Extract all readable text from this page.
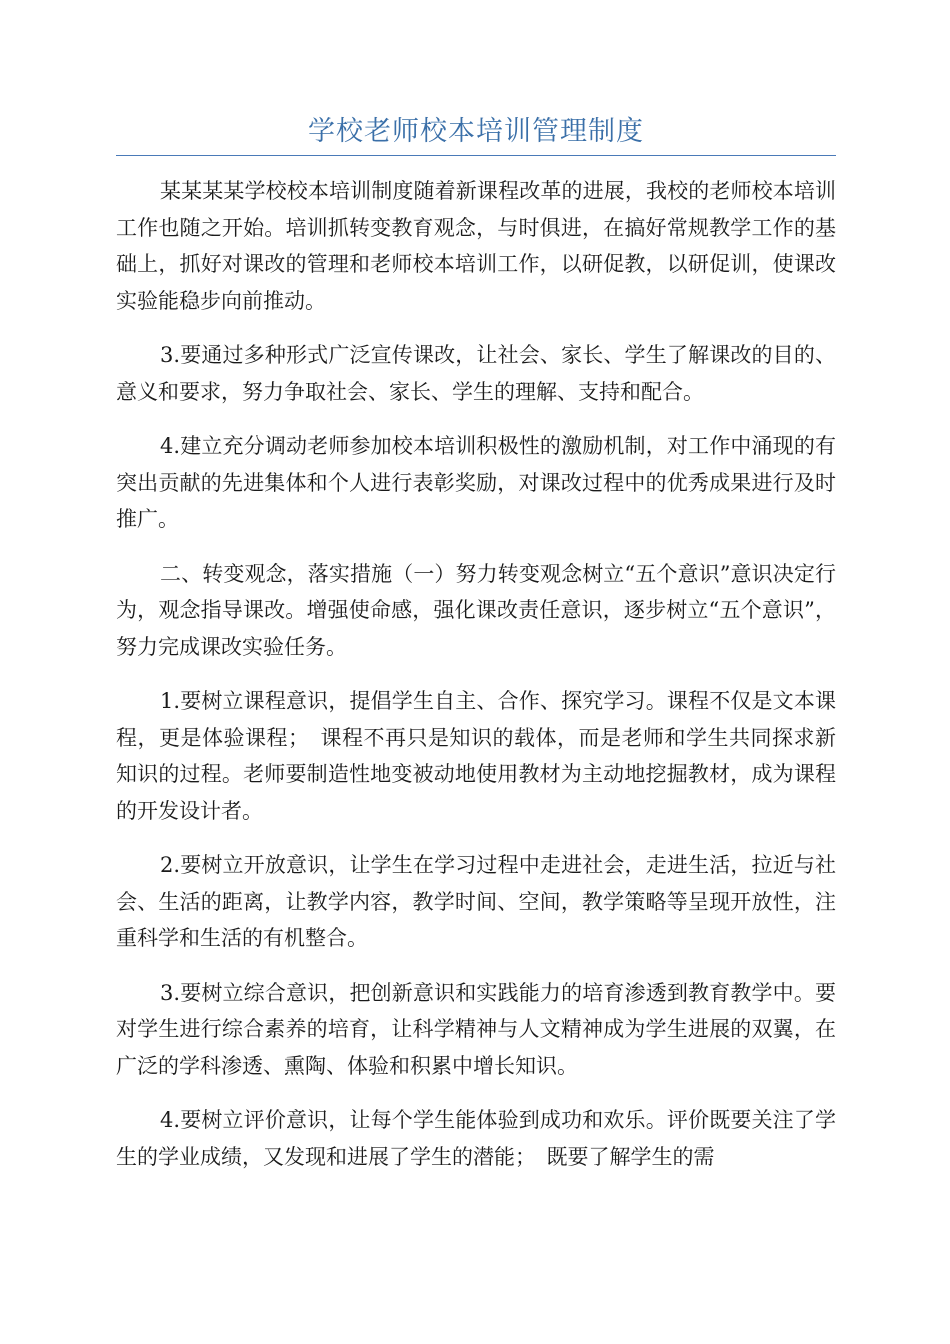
学校老师校本培训管理制度

某某某某学校校本培训制度随着新课程改革的进展，我校的老师校本培训工作也随之开始。培训抓转变教育观念，与时俱进，在搞好常规教学工作的基础上，抓好对课改的管理和老师校本培训工作，以研促教，以研促训，使课改实验能稳步向前推动。

3.要通过多种形式广泛宣传课改，让社会、家长、学生了解课改的目的、意义和要求，努力争取社会、家长、学生的理解、支持和配合。

4.建立充分调动老师参加校本培训积极性的激励机制，对工作中涌现的有突出贡献的先进集体和个人进行表彰奖励，对课改过程中的优秀成果进行及时推广。

二、转变观念，落实措施（一）努力转变观念树立“五个意识”意识决定行为，观念指导课改。增强使命感，强化课改责任意识，逐步树立“五个意识”，努力完成课改实验任务。

1.要树立课程意识，提倡学生自主、合作、探究学习。课程不仅是文本课程，更是体验课程；　课程不再只是知识的载体，而是老师和学生共同探求新知识的过程。老师要制造性地变被动地使用教材为主动地挖掘教材，成为课程的开发设计者。

2.要树立开放意识，让学生在学习过程中走进社会，走进生活，拉近与社会、生活的距离，让教学内容，教学时间、空间，教学策略等呈现开放性，注重科学和生活的有机整合。

3.要树立综合意识，把创新意识和实践能力的培育渗透到教育教学中。要对学生进行综合素养的培育，让科学精神与人文精神成为学生进展的双翼，在广泛的学科渗透、熏陶、体验和积累中增长知识。

4.要树立评价意识，让每个学生能体验到成功和欢乐。评价既要关注了学生的学业成绩，又发现和进展了学生的潜能；　既要了解学生的需
